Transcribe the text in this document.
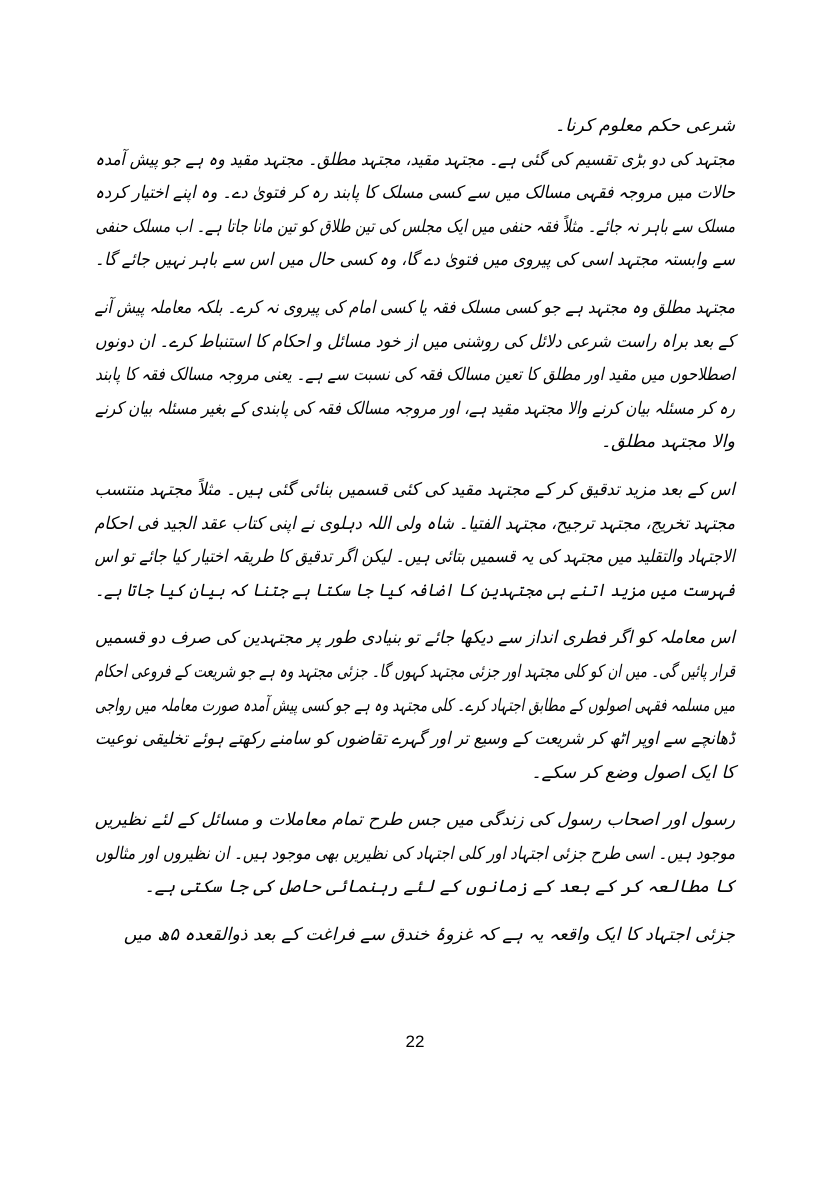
شرعی حکم معلوم کرنا۔
مجتہد کی دو بڑی تقسیم کی گئی ہے۔ مجتہد مقید، مجتہد مطلق۔ مجتہد مقید وہ ہے جو پیش آمدہ
حالات میں مروجہ فقہی مسالک میں سے کسی مسلک کا پابند رہ کر فتویٰ دے۔ وہ اپنے اختیار کردہ
مسلک سے باہر نہ جائے۔ مثلاً فقہ حنفی میں ایک مجلس کی تین طلاق کو تین مانا جاتا ہے۔ اب مسلک حنفی
سے وابستہ مجتہد اسی کی پیروی میں فتویٰ دے گا، وہ کسی حال میں اس سے باہر نہیں جائے گا۔
مجتہد مطلق وہ مجتہد ہے جو کسی مسلک فقہ یا کسی امام کی پیروی نہ کرے۔ بلکہ معاملہ پیش آنے
کے بعد براہ راست شرعی دلائل کی روشنی میں از خود مسائل و احکام کا استنباط کرے۔ ان دونوں
اصطلاحوں میں مقید اور مطلق کا تعین مسالک فقہ کی نسبت سے ہے۔ یعنی مروجہ مسالک فقہ کا پابند
رہ کر مسئلہ بیان کرنے والا مجتہد مقید ہے، اور مروجہ مسالک فقہ کی پابندی کے بغیر مسئلہ بیان کرنے
والا مجتہد مطلق۔
اس کے بعد مزید تدقیق کر کے مجتہد مقید کی کئی قسمیں بنائی گئی ہیں۔ مثلاً مجتہد منتسب
مجتہد تخریج، مجتہد ترجیح، مجتہد الفتیا۔ شاہ ولی اللہ دہلوی نے اپنی کتاب عقد الجید فی احکام
الاجتہاد والتقلید میں مجتہد کی یہ قسمیں بتائی ہیں۔ لیکن اگر تدقیق کا طریقہ اختیار کیا جائے تو اس
فہرست میں مزید اتنے ہی مجتہدین کا اضافہ کیا جا سکتا ہے جتنا کہ بیان کیا جاتا ہے۔
اس معاملہ کو اگر فطری انداز سے دیکھا جائے تو بنیادی طور پر مجتہدین کی صرف دو قسمیں
قرار پائیں گی۔ میں ان کو کلی مجتہد اور جزئی مجتہد کہوں گا۔ جزئی مجتہد وہ ہے جو شریعت کے فروعی احکام
میں مسلمہ فقہی اصولوں کے مطابق اجتہاد کرے۔ کلی مجتہد وہ ہے جو کسی پیش آمدہ صورت معاملہ میں رواجی
ڈھانچے سے اوپر اٹھ کر شریعت کے وسیع تر اور گہرے تقاضوں کو سامنے رکھتے ہوئے تخلیقی نوعیت
کا ایک اصول وضع کر سکے۔
رسول اور اصحاب رسول کی زندگی میں جس طرح تمام معاملات و مسائل کے لئے نظیریں
موجود ہیں۔ اسی طرح جزئی اجتہاد اور کلی اجتہاد کی نظیریں بھی موجود ہیں۔ ان نظیروں اور مثالوں
کا مطالعہ کر کے بعد کے زمانوں کے لئے رہنمائی حاصل کی جا سکتی ہے۔
جزئی اجتہاد کا ایک واقعہ یہ ہے کہ غزوۂ خندق سے فراغت کے بعد ذوالقعدہ ۵ھ میں
22
